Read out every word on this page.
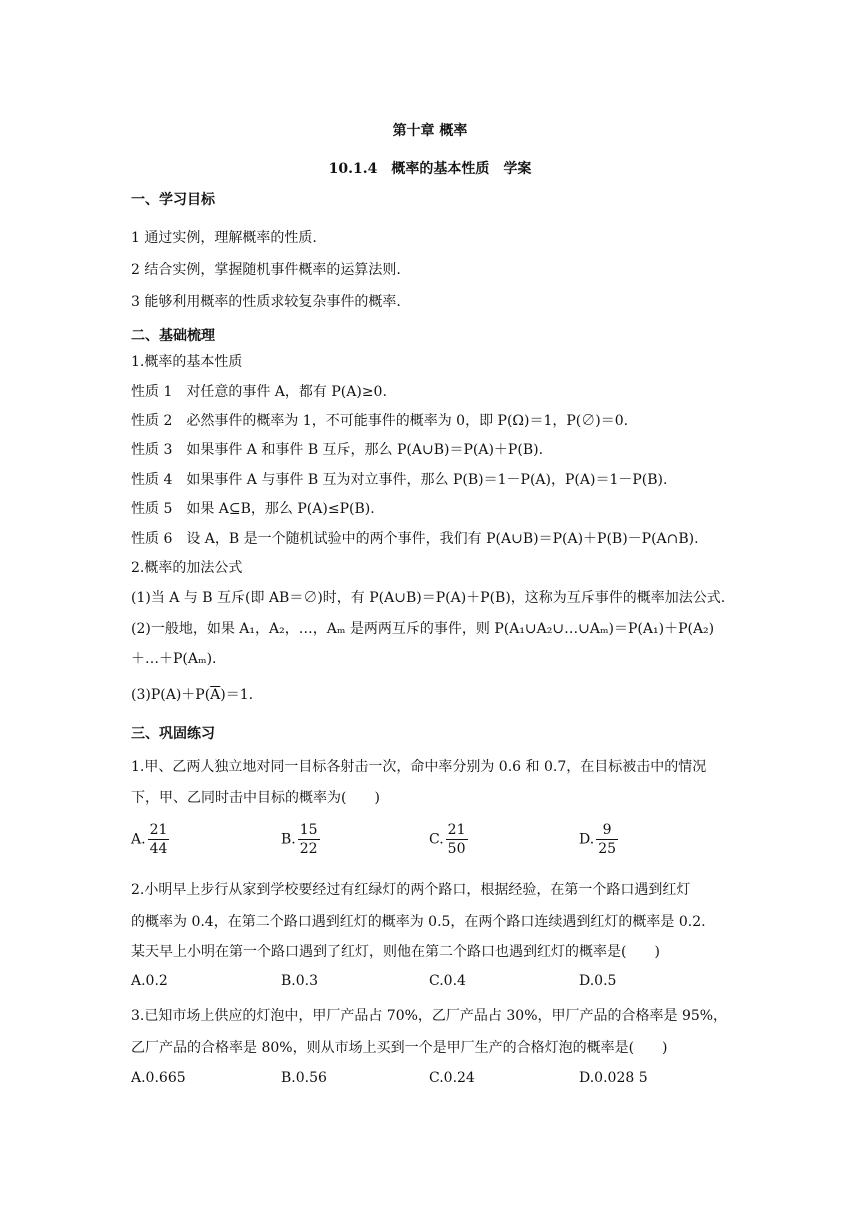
第十章 概率
10.1.4　概率的基本性质　学案
一、学习目标
1 通过实例，理解概率的性质.
2 结合实例，掌握随机事件概率的运算法则.
3 能够利用概率的性质求较复杂事件的概率.
二、基础梳理
1.概率的基本性质
性质 1　对任意的事件 A，都有 P(A)≥0.
性质 2　必然事件的概率为 1，不可能事件的概率为 0，即 P(Ω)＝1，P(∅)＝0.
性质 3　如果事件 A 和事件 B 互斥，那么 P(A∪B)＝P(A)＋P(B).
性质 4　如果事件 A 与事件 B 互为对立事件，那么 P(B)＝1－P(A)，P(A)＝1－P(B).
性质 5　如果 A⊆B，那么 P(A)≤P(B).
性质 6　设 A，B 是一个随机试验中的两个事件，我们有 P(A∪B)＝P(A)＋P(B)－P(A∩B).
2.概率的加法公式
(1)当 A 与 B 互斥(即 AB＝∅)时，有 P(A∪B)＝P(A)＋P(B)，这称为互斥事件的概率加法公式.
(2)一般地，如果 A₁，A₂，…，Aₘ 是两两互斥的事件，则 P(A₁∪A₂∪…∪Aₘ)＝P(A₁)＋P(A₂)
＋…＋P(Aₘ).
$(3)P(A)+P(\overline{A})=1$.
三、巩固练习
1.甲、乙两人独立地对同一目标各射击一次，命中率分别为 0.6 和 0.7，在目标被击中的情况
下，甲、乙同时击中目标的概率为(　　)
A. $\frac{21}{44}$	B. $\frac{15}{22}$	C. $\frac{21}{50}$	D. $\frac{9}{25}$
2.小明早上步行从家到学校要经过有红绿灯的两个路口，根据经验，在第一个路口遇到红灯
的概率为 0.4，在第二个路口遇到红灯的概率为 0.5，在两个路口连续遇到红灯的概率是 0.2.
某天早上小明在第一个路口遇到了红灯，则他在第二个路口也遇到红灯的概率是(　　)
A.0.2	B.0.3	C.0.4	D.0.5
3.已知市场上供应的灯泡中，甲厂产品占 70%，乙厂产品占 30%，甲厂产品的合格率是 95%，
乙厂产品的合格率是 80%，则从市场上买到一个是甲厂生产的合格灯泡的概率是(　　)
A.0.665	B.0.56	C.0.24	D.0.028 5
